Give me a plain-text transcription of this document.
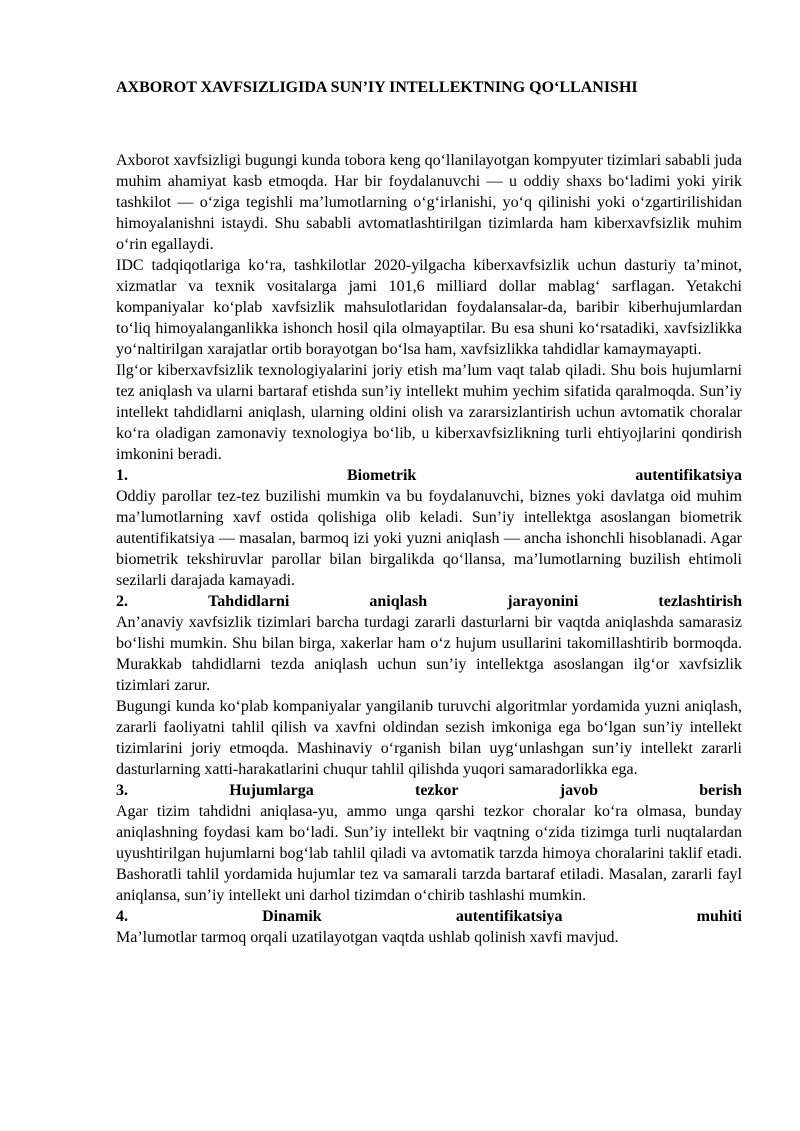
AXBOROT XAVFSIZLIGIDA SUN’IY INTELLEKTNING QO‘LLANISHI

Axborot xavfsizligi bugungi kunda tobora keng qo‘llanilayotgan kompyuter tizimlari sababli juda muhim ahamiyat kasb etmoqda. Har bir foydalanuvchi — u oddiy shaxs bo‘ladimi yoki yirik tashkilot — o‘ziga tegishli ma’lumotlarning o‘g‘irlanishi, yo‘q qilinishi yoki o‘zgartirilishidan himoyalanishni istaydi. Shu sababli avtomatlashtirilgan tizimlarda ham kiberxavfsizlik muhim o‘rin egallaydi.

IDC tadqiqotlariga ko‘ra, tashkilotlar 2020-yilgacha kiberxavfsizlik uchun dasturiy ta’minot, xizmatlar va texnik vositalarga jami 101,6 milliard dollar mablag‘ sarflagan. Yetakchi kompaniyalar ko‘plab xavfsizlik mahsulotlaridan foydalansalar-da, baribir kiberhujumlardan to‘liq himoyalanganlikka ishonch hosil qila olmayaptilar. Bu esa shuni ko‘rsatadiki, xavfsizlikka yo‘naltirilgan xarajatlar ortib borayotgan bo‘lsa ham, xavfsizlikka tahdidlar kamaymayapti.

Ilg‘or kiberxavfsizlik texnologiyalarini joriy etish ma’lum vaqt talab qiladi. Shu bois hujumlarni tez aniqlash va ularni bartaraf etishda sun’iy intellekt muhim yechim sifatida qaralmoqda. Sun’iy intellekt tahdidlarni aniqlash, ularning oldini olish va zararsizlantirish uchun avtomatik choralar ko‘ra oladigan zamonaviy texnologiya bo‘lib, u kiberxavfsizlikning turli ehtiyojlarini qondirish imkonini beradi.

1.	Biometrik	autentifikatsiya

Oddiy parollar tez-tez buzilishi mumkin va bu foydalanuvchi, biznes yoki davlatga oid muhim ma’lumotlarning xavf ostida qolishiga olib keladi. Sun’iy intellektga asoslangan biometrik autentifikatsiya — masalan, barmoq izi yoki yuzni aniqlash — ancha ishonchli hisoblanadi. Agar biometrik tekshiruvlar parollar bilan birgalikda qo‘llansa, ma’lumotlarning buzilish ehtimoli sezilarli darajada kamayadi.

2.	Tahdidlarni	aniqlash	jarayonini	tezlashtirish

An’anaviy xavfsizlik tizimlari barcha turdagi zararli dasturlarni bir vaqtda aniqlashda samarasiz bo‘lishi mumkin. Shu bilan birga, xakerlar ham o‘z hujum usullarini takomillashtirib bormoqda. Murakkab tahdidlarni tezda aniqlash uchun sun’iy intellektga asoslangan ilg‘or xavfsizlik tizimlari zarur.

Bugungi kunda ko‘plab kompaniyalar yangilanib turuvchi algoritmlar yordamida yuzni aniqlash, zararli faoliyatni tahlil qilish va xavfni oldindan sezish imkoniga ega bo‘lgan sun’iy intellekt tizimlarini joriy etmoqda. Mashinaviy o‘rganish bilan uyg‘unlashgan sun’iy intellekt zararli dasturlarning xatti-harakatlarini chuqur tahlil qilishda yuqori samaradorlikka ega.

3.	Hujumlarga	tezkor	javob	berish

Agar tizim tahdidni aniqlasa-yu, ammo unga qarshi tezkor choralar ko‘ra olmasa, bunday aniqlashning foydasi kam bo‘ladi. Sun’iy intellekt bir vaqtning o‘zida tizimga turli nuqtalardan uyushtirilgan hujumlarni bog‘lab tahlil qiladi va avtomatik tarzda himoya choralarini taklif etadi. Bashoratli tahlil yordamida hujumlar tez va samarali tarzda bartaraf etiladi. Masalan, zararli fayl aniqlansa, sun’iy intellekt uni darhol tizimdan o‘chirib tashlashi mumkin.

4.	Dinamik	autentifikatsiya	muhiti

Ma’lumotlar tarmoq orqali uzatilayotgan vaqtda ushlab qolinish xavfi mavjud.
